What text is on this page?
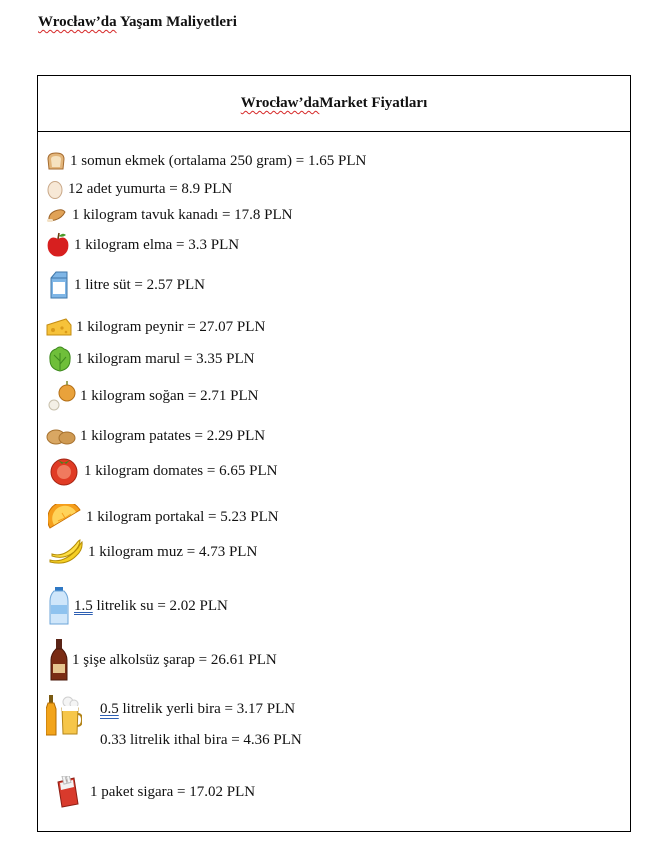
Wrocław’da Yaşam Maliyetleri
Wrocław’da Market Fiyatları
1 somun ekmek (ortalama 250 gram) = 1.65 PLN
12 adet yumurta = 8.9 PLN
1 kilogram tavuk kanadı = 17.8 PLN
1 kilogram elma = 3.3 PLN
1 litre süt = 2.57 PLN
1 kilogram peynir = 27.07 PLN
1 kilogram marul = 3.35 PLN
1 kilogram soğan = 2.71 PLN
1 kilogram patates = 2.29 PLN
1 kilogram domates = 6.65 PLN
1 kilogram portakal = 5.23 PLN
1 kilogram muz = 4.73 PLN
1.5 litrelik su = 2.02 PLN
1 şişe alkolsüz şarap = 26.61 PLN
0.5 litrelik yerli bira = 3.17 PLN
0.33 litrelik ithal bira = 4.36 PLN
1 paket sigara = 17.02 PLN
